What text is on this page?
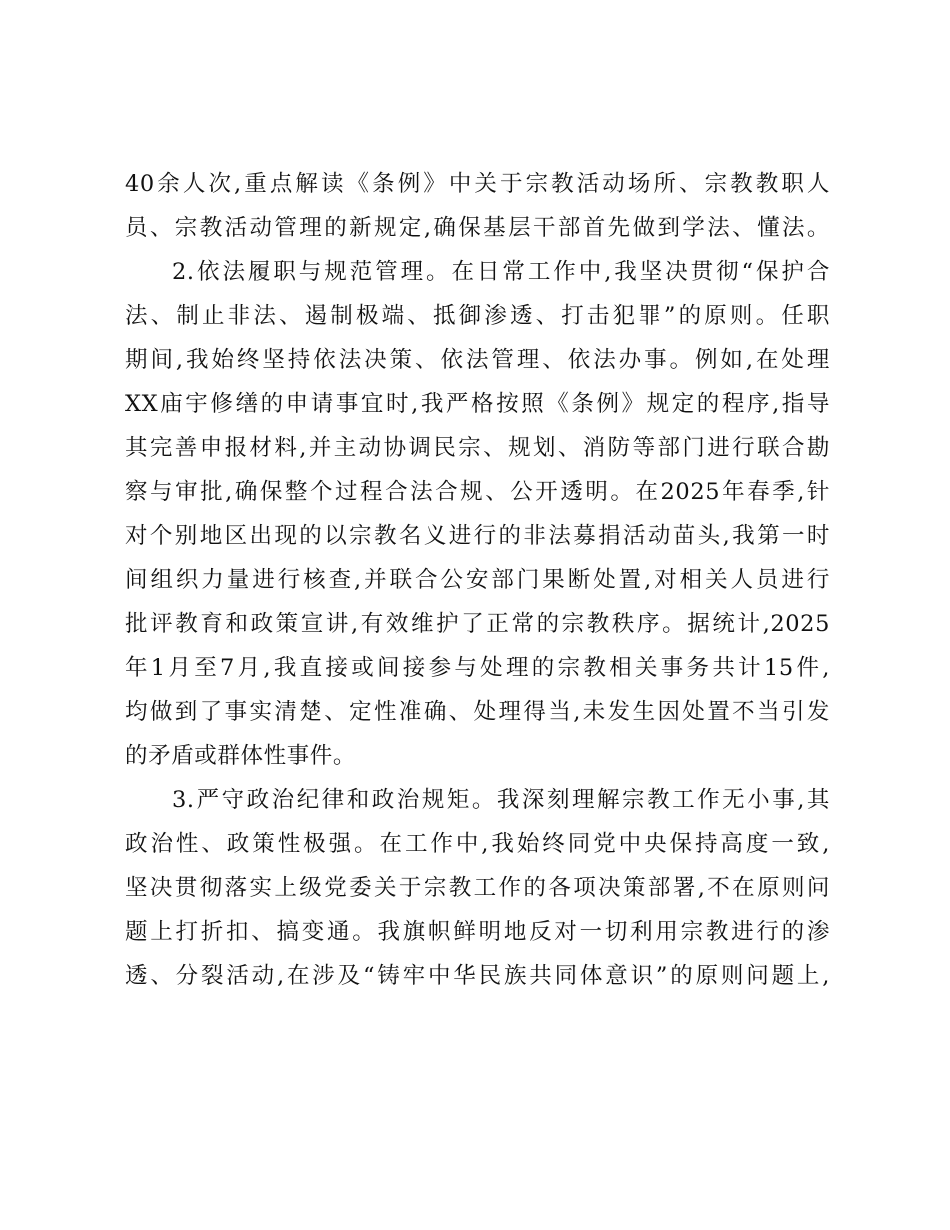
40余人次,重点解读《条例》中关于宗教活动场所、宗教教职人
员、宗教活动管理的新规定,确保基层干部首先做到学法、懂法。
2.依法履职与规范管理。在日常工作中,我坚决贯彻“保护合
法、制止非法、遏制极端、抵御渗透、打击犯罪”的原则。任职
期间,我始终坚持依法决策、依法管理、依法办事。例如,在处理
XX庙宇修缮的申请事宜时,我严格按照《条例》规定的程序,指导
其完善申报材料,并主动协调民宗、规划、消防等部门进行联合勘
察与审批,确保整个过程合法合规、公开透明。在2025年春季,针
对个别地区出现的以宗教名义进行的非法募捐活动苗头,我第一时
间组织力量进行核查,并联合公安部门果断处置,对相关人员进行
批评教育和政策宣讲,有效维护了正常的宗教秩序。据统计,2025
年1月至7月,我直接或间接参与处理的宗教相关事务共计15件,
均做到了事实清楚、定性准确、处理得当,未发生因处置不当引发
的矛盾或群体性事件。
3.严守政治纪律和政治规矩。我深刻理解宗教工作无小事,其
政治性、政策性极强。在工作中,我始终同党中央保持高度一致,
坚决贯彻落实上级党委关于宗教工作的各项决策部署,不在原则问
题上打折扣、搞变通。我旗帜鲜明地反对一切利用宗教进行的渗
透、分裂活动,在涉及“铸牢中华民族共同体意识”的原则问题上,
